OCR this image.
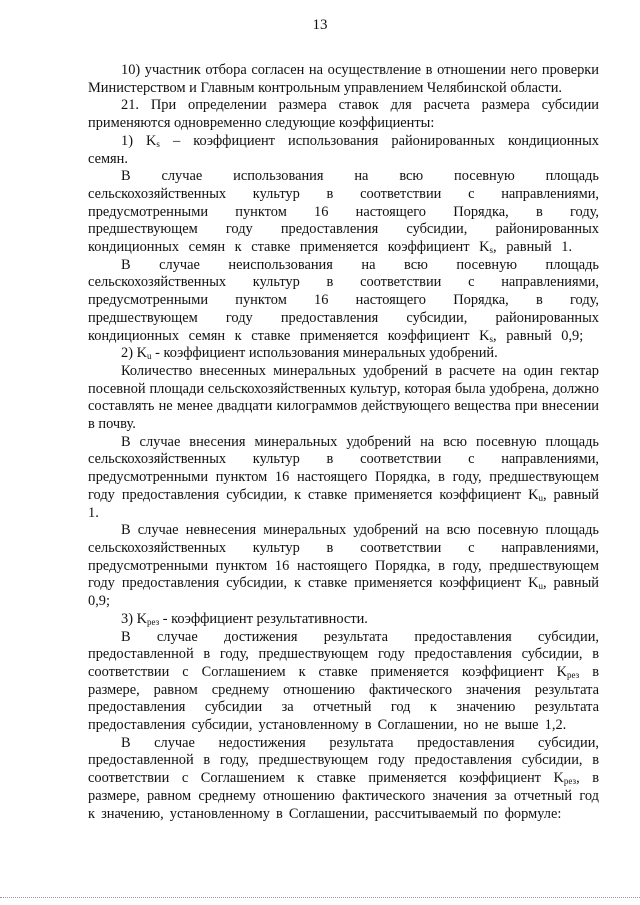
13

10) участник отбора согласен на осуществление в отношении него проверки Министерством и Главным контрольным управлением Челябинской области.

21. При определении размера ставок для расчета размера субсидии применяются одновременно следующие коэффициенты:

1) $K_s$ – коэффициент использования районированных кондиционных семян.

В случае использования на всю посевную площадь сельскохозяйственных культур в соответствии с направлениями, предусмотренными пунктом 16 настоящего Порядка, в году, предшествующем году предоставления субсидии, районированных кондиционных семян к ставке применяется коэффициент $K_s$, равный 1.

В случае неиспользования на всю посевную площадь сельскохозяйственных культур в соответствии с направлениями, предусмотренными пунктом 16 настоящего Порядка, в году, предшествующем году предоставления субсидии, районированных кондиционных семян к ставке применяется коэффициент $K_s$, равный 0,9;

2) $K_u$ - коэффициент использования минеральных удобрений.

Количество внесенных минеральных удобрений в расчете на один гектар посевной площади сельскохозяйственных культур, которая была удобрена, должно составлять не менее двадцати килограммов действующего вещества при внесении в почву.

В случае внесения минеральных удобрений на всю посевную площадь сельскохозяйственных культур в соответствии с направлениями, предусмотренными пунктом 16 настоящего Порядка, в году, предшествующем году предоставления субсидии, к ставке применяется коэффициент $K_u$, равный 1.

В случае невнесения минеральных удобрений на всю посевную площадь сельскохозяйственных культур в соответствии с направлениями, предусмотренными пунктом 16 настоящего Порядка, в году, предшествующем году предоставления субсидии, к ставке применяется коэффициент $K_u$, равный 0,9;

3) $K_{рез}$ - коэффициент результативности.

В случае достижения результата предоставления субсидии, предоставленной в году, предшествующем году предоставления субсидии, в соответствии с Соглашением к ставке применяется коэффициент $K_{рез}$ в размере, равном среднему отношению фактического значения результата предоставления субсидии за отчетный год к значению результата предоставления субсидии, установленному в Соглашении, но не выше 1,2.

В случае недостижения результата предоставления субсидии, предоставленной в году, предшествующем году предоставления субсидии, в соответствии с Соглашением к ставке применяется коэффициент $K_{рез}$, в размере, равном среднему отношению фактического значения за отчетный год к значению, установленному в Соглашении, рассчитываемый по формуле:
